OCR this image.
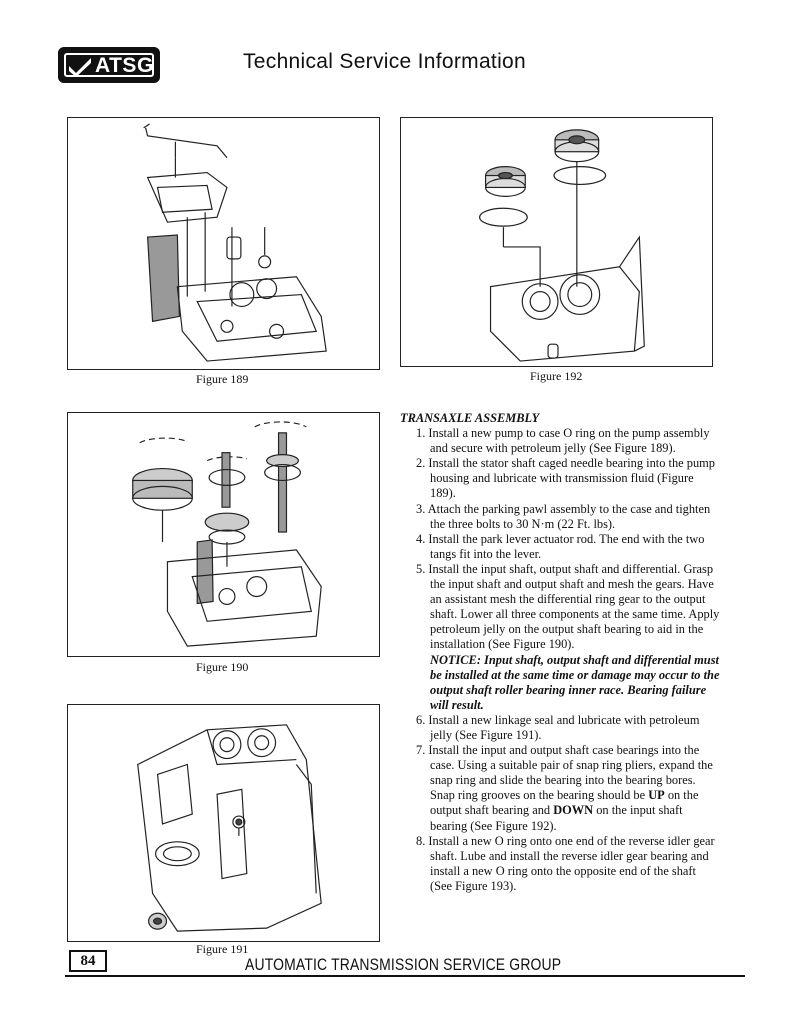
ATSG	Technical Service Information
Figure 189	Figure 192
Figure 190
Figure 191
TRANSAXLE ASSEMBLY

1. Install a new pump to case O ring on the pump assembly and secure with petroleum jelly (See Figure 189).

2. Install the stator shaft caged needle bearing into the pump housing and lubricate with transmission fluid (Figure 189).

3. Attach the parking pawl assembly to the case and tighten the three bolts to 30 N·m (22 Ft. lbs).

4. Install the park lever actuator rod. The end with the two tangs fit into the lever.

5. Install the input shaft, output shaft and differential. Grasp the input shaft and output shaft and mesh the gears. Have an assistant mesh the differential ring gear to the output shaft. Lower all three components at the same time. Apply petroleum jelly on the output shaft bearing to aid in the installation (See Figure 190).

NOTICE: Input shaft, output shaft and differential must be installed at the same time or damage may occur to the output shaft roller bearing inner race. Bearing failure will result.

6. Install a new linkage seal and lubricate with petroleum jelly (See Figure 191).

7. Install the input and output shaft case bearings into the case. Using a suitable pair of snap ring pliers, expand the snap ring and slide the bearing into the bearing bores. Snap ring grooves on the bearing should be UP on the output shaft bearing and DOWN on the input shaft bearing (See Figure 192).

8. Install a new O ring onto one end of the reverse idler gear shaft. Lube and install the reverse idler gear bearing and install a new O ring onto the opposite end of the shaft (See Figure 193).

84	AUTOMATIC TRANSMISSION SERVICE GROUP
